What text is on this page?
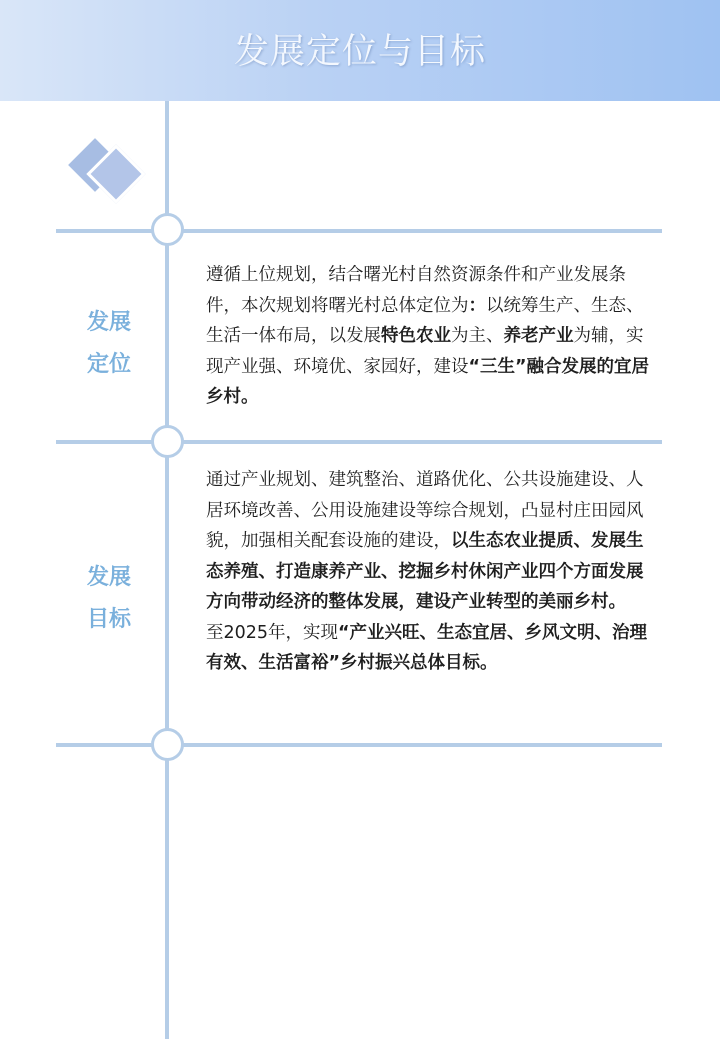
发展定位与目标
发展
定位

遵循上位规划，结合曙光村自然资源条件和产业发展条件，本次规划将曙光村总体定位为：以统筹生产、生态、生活一体布局，以发展特色农业为主、养老产业为辅，实现产业强、环境优、家园好，建设“三生”融合发展的宜居乡村。

发展
目标

通过产业规划、建筑整治、道路优化、公共设施建设、人居环境改善、公用设施建设等综合规划，凸显村庄田园风貌，加强相关配套设施的建设，以生态农业提质、发展生态养殖、打造康养产业、挖掘乡村休闲产业四个方面发展方向带动经济的整体发展，建设产业转型的美丽乡村。

至2025年，实现“产业兴旺、生态宜居、乡风文明、治理有效、生活富裕”乡村振兴总体目标。
